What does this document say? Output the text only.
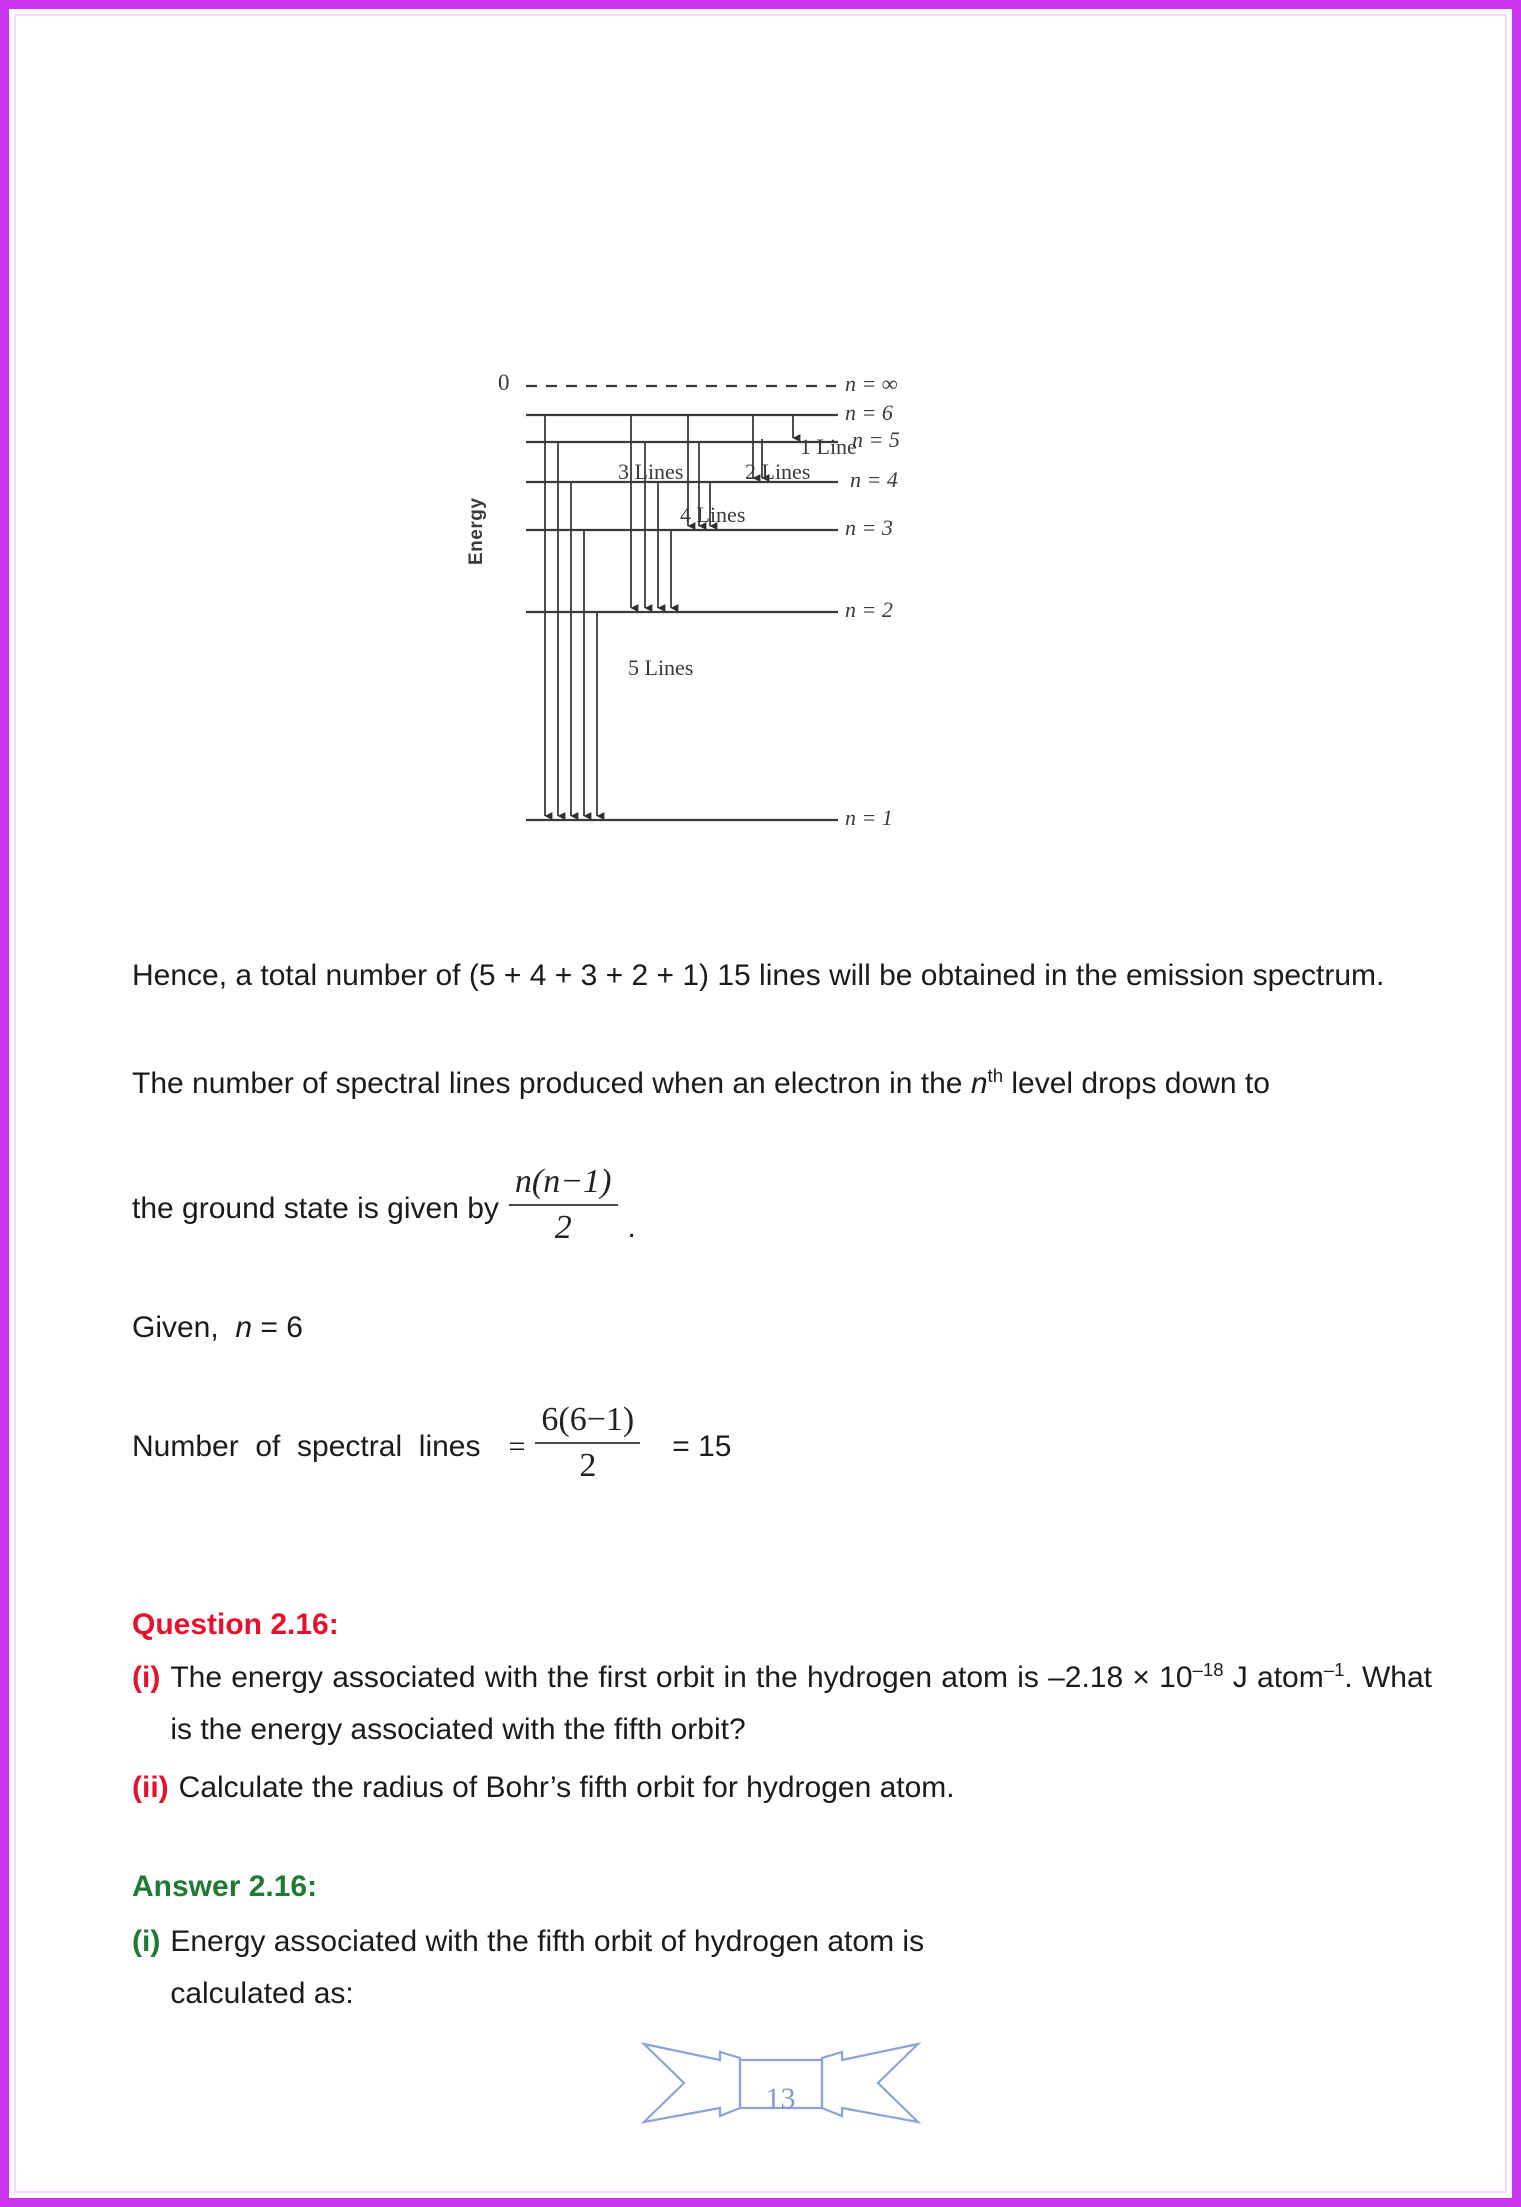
0	n = ∞
n = 6
n = 5
n = 4
n = 3
n = 2
n = 1
1 Line
2 Lines
3 Lines
4 Lines
5 Lines
Energy

Hence, a total number of (5 + 4 + 3 + 2 + 1) 15 lines will be obtained in the emission spectrum.

The number of spectral lines produced when an electron in the $n^{th}$ level drops down to

the ground state is given by $\frac{n(n-1)}{2}$ .
Given,
n
= 6
Number  of  spectral  lines = $\frac{6(6-1)}{2}$	= 15

Question 2.16:

(i) The energy associated with the first orbit in the hydrogen atom is $-2.18 \times 10^{-18}$ J atom$^{-1}$. What is the energy associated with the fifth orbit?
(ii) Calculate the radius of Bohr’s fifth orbit for hydrogen atom.

Answer 2.16:

(i) Energy associated with the fifth orbit of hydrogen atom is calculated as:
13
